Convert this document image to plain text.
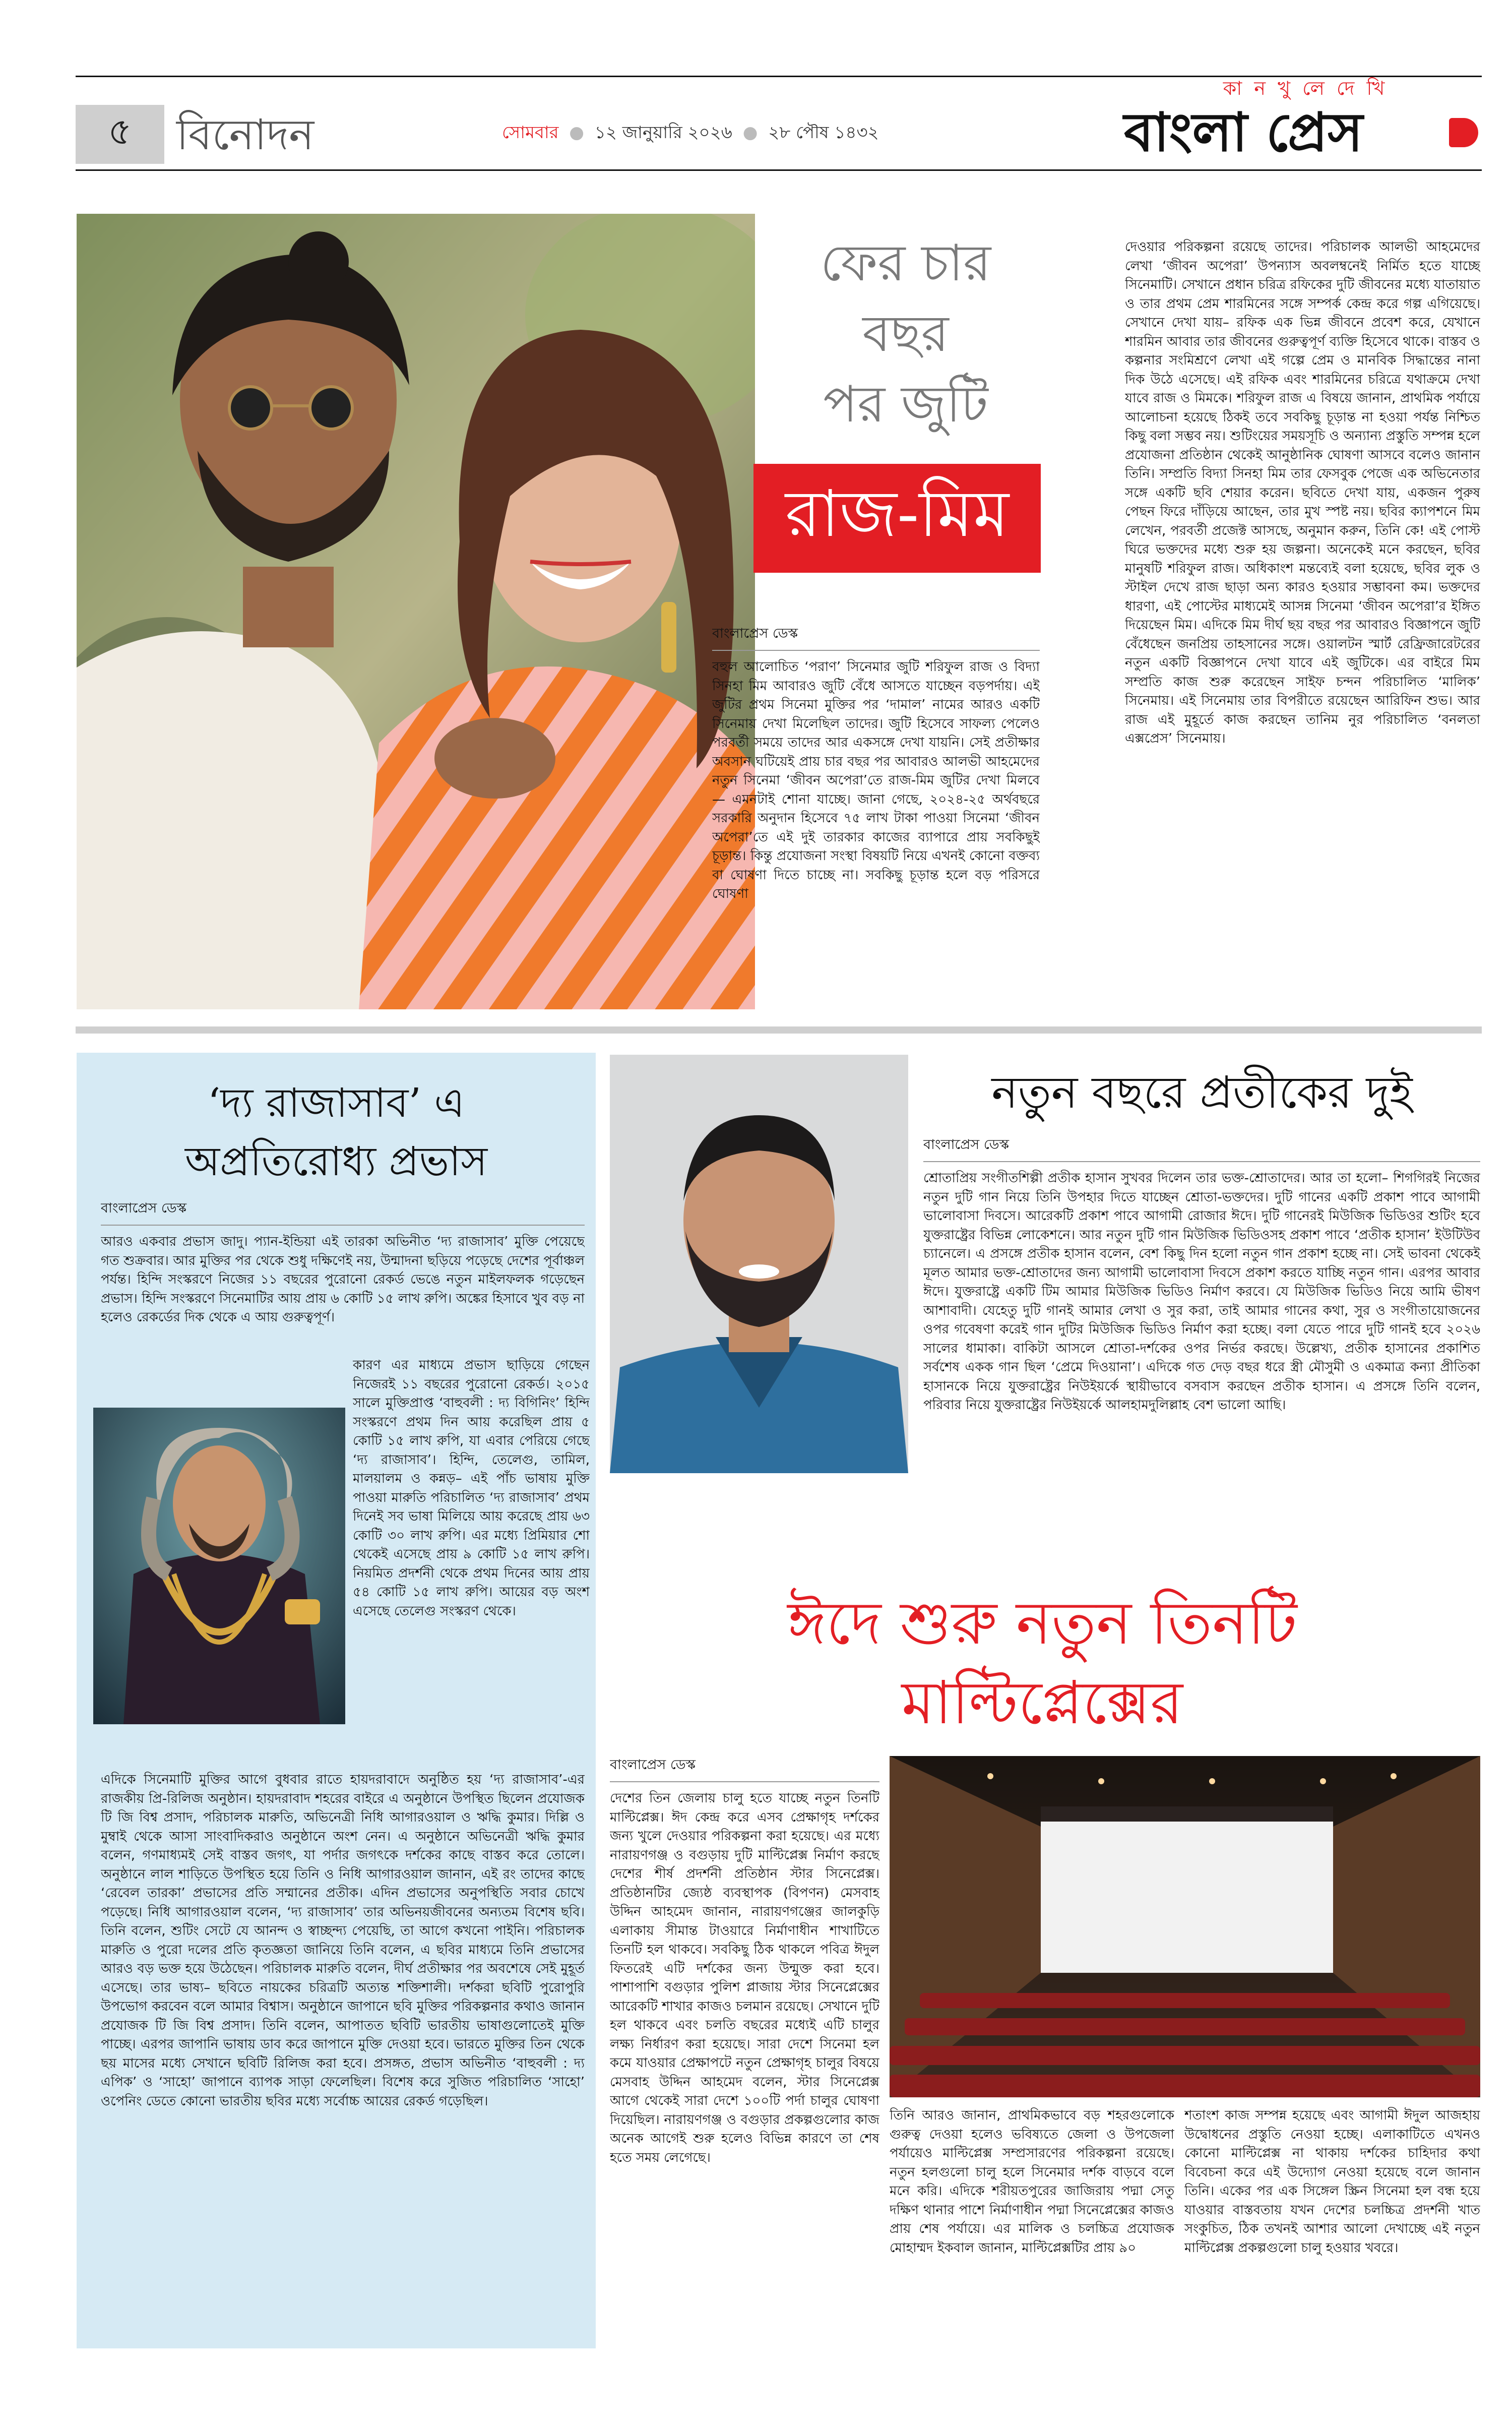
৫ বিনোদন	সোমবার ● ১২ জানুয়ারি ২০২৬ ● ২৮ পৌষ ১৪৩২
কা ন খু লে দে খি
বাংলা প্রেস
ফের চার
বছর
পর জুটি
রাজ-মিম
বাংলাপ্রেস ডেস্ক

বহুল আলোচিত ‘পরাণ’ সিনেমার জুটি শরিফুল রাজ ও বিদ্যা সিনহা মিম আবারও জুটি বেঁধে আসতে যাচ্ছেন বড়পর্দায়। এই জুটির প্রথম সিনেমা মুক্তির পর ‘দামাল’ নামের আরও একটি সিনেমায় দেখা মিলেছিল তাদের। জুটি হিসেবে সাফল্য পেলেও পরবর্তী সময়ে তাদের আর একসঙ্গে দেখা যায়নি। সেই প্রতীক্ষার অবসান ঘটিয়েই প্রায় চার বছর পর আবারও আলভী আহমেদের নতুন সিনেমা ‘জীবন অপেরা’তে রাজ-মিম জুটির দেখা মিলবে— এমনটাই শোনা যাচ্ছে। জানা গেছে, ২০২৪-২৫ অর্থবছরে সরকারি অনুদান হিসেবে ৭৫ লাখ টাকা পাওয়া সিনেমা ‘জীবন অপেরা’তে এই দুই তারকার কাজের ব্যাপারে প্রায় সবকিছুই চূড়ান্ত। কিন্তু প্রযোজনা সংস্থা বিষয়টি নিয়ে এখনই কোনো বক্তব্য বা ঘোষণা দিতে চাচ্ছে না। সবকিছু চূড়ান্ত হলে বড় পরিসরে ঘোষণা

দেওয়ার পরিকল্পনা রয়েছে তাদের। পরিচালক আলভী আহমেদের লেখা ‘জীবন অপেরা’ উপন্যাস অবলম্বনেই নির্মিত হতে যাচ্ছে সিনেমাটি। সেখানে প্রধান চরিত্র রফিকের দুটি জীবনের মধ্যে যাতায়াত ও তার প্রথম প্রেম শারমিনের সঙ্গে সম্পর্ক কেন্দ্র করে গল্প এগিয়েছে। সেখানে দেখা যায়– রফিক এক ভিন্ন জীবনে প্রবেশ করে, যেখানে শারমিন আবার তার জীবনের গুরুত্বপূর্ণ ব্যক্তি হিসেবে থাকে। বাস্তব ও কল্পনার সংমিশ্রণে লেখা এই গল্পে প্রেম ও মানবিক সিদ্ধান্তের নানা দিক উঠে এসেছে। এই রফিক এবং শারমিনের চরিত্রে যথাক্রমে দেখা যাবে রাজ ও মিমকে। শরিফুল রাজ এ বিষয়ে জানান, প্রাথমিক পর্যায়ে আলোচনা হয়েছে ঠিকই তবে সবকিছু চূড়ান্ত না হওয়া পর্যন্ত নিশ্চিত কিছু বলা সম্ভব নয়। শুটিংয়ের সময়সূচি ও অন্যান্য প্রস্তুতি সম্পন্ন হলে প্রযোজনা প্রতিষ্ঠান থেকেই আনুষ্ঠানিক ঘোষণা আসবে বলেও জানান তিনি। সম্প্রতি বিদ্যা সিনহা মিম তার ফেসবুক পেজে এক অভিনেতার সঙ্গে একটি ছবি শেয়ার করেন। ছবিতে দেখা যায়, একজন পুরুষ পেছন ফিরে দাঁড়িয়ে আছেন, তার মুখ স্পষ্ট নয়। ছবির ক্যাপশনে মিম লেখেন, পরবর্তী প্রজেক্ট আসছে, অনুমান করুন, তিনি কে! এই পোস্ট ঘিরে ভক্তদের মধ্যে শুরু হয় জল্পনা। অনেকেই মনে করছেন, ছবির মানুষটি শরিফুল রাজ। অধিকাংশ মন্তব্যেই বলা হয়েছে, ছবির লুক ও স্টাইল দেখে রাজ ছাড়া অন্য কারও হওয়ার সম্ভাবনা কম। ভক্তদের ধারণা, এই পোস্টের মাধ্যমেই আসন্ন সিনেমা ‘জীবন অপেরা’র ইঙ্গিত দিয়েছেন মিম। এদিকে মিম দীর্ঘ ছয় বছর পর আবারও বিজ্ঞাপনে জুটি বেঁধেছেন জনপ্রিয় তাহসানের সঙ্গে। ওয়ালটন স্মার্ট রেফ্রিজারেটরের নতুন একটি বিজ্ঞাপনে দেখা যাবে এই জুটিকে। এর বাইরে মিম সম্প্রতি কাজ শুরু করেছেন সাইফ চন্দন পরিচালিত ‘মালিক’ সিনেমায়। এই সিনেমায় তার বিপরীতে রয়েছেন আরিফিন শুভ। আর রাজ এই মুহূর্তে কাজ করছেন তানিম নুর পরিচালিত ‘বনলতা এক্সপ্রেস’ সিনেমায়।

‘দ্য রাজাসাব’ এ
অপ্রতিরোধ্য প্রভাস
বাংলাপ্রেস ডেস্ক

আরও একবার প্রভাস জাদু। প্যান-ইন্ডিয়া এই তারকা অভিনীত ‘দ্য রাজাসাব’ মুক্তি পেয়েছে গত শুক্রবার। আর মুক্তির পর থেকে শুধু দক্ষিণেই নয়, উন্মাদনা ছড়িয়ে পড়েছে দেশের পূর্বাঞ্চল পর্যন্ত। হিন্দি সংস্করণে নিজের ১১ বছরের পুরোনো রেকর্ড ভেঙে নতুন মাইলফলক গড়েছেন প্রভাস। হিন্দি সংস্করণে সিনেমাটির আয় প্রায় ৬ কোটি ১৫ লাখ রুপি। অঙ্কের হিসাবে খুব বড় না হলেও রেকর্ডের দিক থেকে এ আয় গুরুত্বপূর্ণ।

কারণ এর মাধ্যমে প্রভাস ছাড়িয়ে গেছেন নিজেরই ১১ বছরের পুরোনো রেকর্ড। ২০১৫ সালে মুক্তিপ্রাপ্ত ‘বাহুবলী : দ্য বিগিনিং’ হিন্দি সংস্করণে প্রথম দিন আয় করেছিল প্রায় ৫ কোটি ১৫ লাখ রুপি, যা এবার পেরিয়ে গেছে ‘দ্য রাজাসাব’। হিন্দি, তেলেগু, তামিল, মালয়ালম ও কন্নড়– এই পাঁচ ভাষায় মুক্তি পাওয়া মারুতি পরিচালিত ‘দ্য রাজাসাব’ প্রথম দিনেই সব ভাষা মিলিয়ে আয় করেছে প্রায় ৬৩ কোটি ৩০ লাখ রুপি। এর মধ্যে প্রিমিয়ার শো থেকেই এসেছে প্রায় ৯ কোটি ১৫ লাখ রুপি। নিয়মিত প্রদর্শনী থেকে প্রথম দিনের আয় প্রায় ৫৪ কোটি ১৫ লাখ রুপি। আয়ের বড় অংশ এসেছে তেলেগু সংস্করণ থেকে।

এদিকে সিনেমাটি মুক্তির আগে বুধবার রাতে হায়দরাবাদে অনুষ্ঠিত হয় ‘দ্য রাজাসাব’-এর রাজকীয় প্রি-রিলিজ অনুষ্ঠান। হায়দরাবাদ শহরের বাইরে এ অনুষ্ঠানে উপস্থিত ছিলেন প্রযোজক টি জি বিশ্ব প্রসাদ, পরিচালক মারুতি, অভিনেত্রী নিধি আগারওয়াল ও ঋদ্ধি কুমার। দিল্লি ও মুম্বাই থেকে আসা সাংবাদিকরাও অনুষ্ঠানে অংশ নেন। এ অনুষ্ঠানে অভিনেত্রী ঋদ্ধি কুমার বলেন, গণমাধ্যমই সেই বাস্তব জগৎ, যা পর্দার জগৎকে দর্শকের কাছে বাস্তব করে তোলে। অনুষ্ঠানে লাল শাড়িতে উপস্থিত হয়ে তিনি ও নিধি আগারওয়াল জানান, এই রং তাদের কাছে ‘রেবেল তারকা’ প্রভাসের প্রতি সম্মানের প্রতীক। এদিন প্রভাসের অনুপস্থিতি সবার চোখে পড়েছে। নিধি আগারওয়াল বলেন, ‘দ্য রাজাসাব’ তার অভিনয়জীবনের অন্যতম বিশেষ ছবি। তিনি বলেন, শুটিং সেটে যে আনন্দ ও স্বাচ্ছন্দ্য পেয়েছি, তা আগে কখনো পাইনি। পরিচালক মারুতি ও পুরো দলের প্রতি কৃতজ্ঞতা জানিয়ে তিনি বলেন, এ ছবির মাধ্যমে তিনি প্রভাসের আরও বড় ভক্ত হয়ে উঠেছেন। পরিচালক মারুতি বলেন, দীর্ঘ প্রতীক্ষার পর অবশেষে সেই মুহূর্ত এসেছে। তার ভাষ্য– ছবিতে নায়কের চরিত্রটি অত্যন্ত শক্তিশালী। দর্শকরা ছবিটি পুরোপুরি উপভোগ করবেন বলে আমার বিশ্বাস। অনুষ্ঠানে জাপানে ছবি মুক্তির পরিকল্পনার কথাও জানান প্রযোজক টি জি বিশ্ব প্রসাদ। তিনি বলেন, আপাতত ছবিটি ভারতীয় ভাষাগুলোতেই মুক্তি পাচ্ছে। এরপর জাপানি ভাষায় ডাব করে জাপানে মুক্তি দেওয়া হবে। ভারতে মুক্তির তিন থেকে ছয় মাসের মধ্যে সেখানে ছবিটি রিলিজ করা হবে। প্রসঙ্গত, প্রভাস অভিনীত ‘বাহুবলী : দ্য এপিক’ ও ‘সাহো’ জাপানে ব্যাপক সাড়া ফেলেছিল। বিশেষ করে সুজিত পরিচালিত ‘সাহো’ ওপেনিং ডেতে কোনো ভারতীয় ছবির মধ্যে সর্বোচ্চ আয়ের রেকর্ড গড়েছিল।

নতুন বছরে প্রতীকের দুই
বাংলাপ্রেস ডেস্ক

শ্রোতাপ্রিয় সংগীতশিল্পী প্রতীক হাসান সুখবর দিলেন তার ভক্ত-শ্রোতাদের। আর তা হলো– শিগগিরই নিজের নতুন দুটি গান নিয়ে তিনি উপহার দিতে যাচ্ছেন শ্রোতা-ভক্তদের। দুটি গানের একটি প্রকাশ পাবে আগামী ভালোবাসা দিবসে। আরেকটি প্রকাশ পাবে আগামী রোজার ঈদে। দুটি গানেরই মিউজিক ভিডিওর শুটিং হবে যুক্তরাষ্ট্রের বিভিন্ন লোকেশনে। আর নতুন দুটি গান মিউজিক ভিডিওসহ প্রকাশ পাবে ‘প্রতীক হাসান’ ইউটিউব চ্যানেলে। এ প্রসঙ্গে প্রতীক হাসান বলেন, বেশ কিছু দিন হলো নতুন গান প্রকাশ হচ্ছে না। সেই ভাবনা থেকেই মূলত আমার ভক্ত-শ্রোতাদের জন্য আগামী ভালোবাসা দিবসে প্রকাশ করতে যাচ্ছি নতুন গান। এরপর আবার ঈদে। যুক্তরাষ্ট্রে একটি টিম আমার মিউজিক ভিডিও নির্মাণ করবে। যে মিউজিক ভিডিও নিয়ে আমি ভীষণ আশাবাদী। যেহেতু দুটি গানই আমার লেখা ও সুর করা, তাই আমার গানের কথা, সুর ও সংগীতায়োজনের ওপর গবেষণা করেই গান দুটির মিউজিক ভিডিও নির্মাণ করা হচ্ছে। বলা যেতে পারে দুটি গানই হবে ২০২৬ সালের ধামাকা। বাকিটা আসলে শ্রোতা-দর্শকের ওপর নির্ভর করছে। উল্লেখ্য, প্রতীক হাসানের প্রকাশিত সর্বশেষ একক গান ছিল ‘প্রেমে দিওয়ানা’। এদিকে গত দেড় বছর ধরে স্ত্রী মৌসুমী ও একমাত্র কন্যা প্রীতিকা হাসানকে নিয়ে যুক্তরাষ্ট্রের নিউইয়র্কে স্থায়ীভাবে বসবাস করছেন প্রতীক হাসান। এ প্রসঙ্গে তিনি বলেন, পরিবার নিয়ে যুক্তরাষ্ট্রের নিউইয়র্কে আলহামদুলিল্লাহ বেশ ভালো আছি।

ঈদে শুরু নতুন তিনটি
মাল্টিপ্লেক্সের
বাংলাপ্রেস ডেস্ক

দেশের তিন জেলায় চালু হতে যাচ্ছে নতুন তিনটি মাল্টিপ্লেক্স। ঈদ কেন্দ্র করে এসব প্রেক্ষাগৃহ দর্শকের জন্য খুলে দেওয়ার পরিকল্পনা করা হয়েছে। এর মধ্যে নারায়ণগঞ্জ ও বগুড়ায় দুটি মাল্টিপ্লেক্স নির্মাণ করছে দেশের শীর্ষ প্রদর্শনী প্রতিষ্ঠান স্টার সিনেপ্লেক্স। প্রতিষ্ঠানটির জ্যেষ্ঠ ব্যবস্থাপক (বিপণন) মেসবাহ উদ্দিন আহমেদ জানান, নারায়ণগঞ্জের জালকুড়ি এলাকায় সীমান্ত টাওয়ারে নির্মাণাধীন শাখাটিতে তিনটি হল থাকবে। সবকিছু ঠিক থাকলে পবিত্র ঈদুল ফিতরেই এটি দর্শকের জন্য উন্মুক্ত করা হবে। পাশাপাশি বগুড়ার পুলিশ প্লাজায় স্টার সিনেপ্লেক্সের আরেকটি শাখার কাজও চলমান রয়েছে। সেখানে দুটি হল থাকবে এবং চলতি বছরের মধ্যেই এটি চালুর লক্ষ্য নির্ধারণ করা হয়েছে। সারা দেশে সিনেমা হল কমে যাওয়ার প্রেক্ষাপটে নতুন প্রেক্ষাগৃহ চালুর বিষয়ে মেসবাহ উদ্দিন আহমেদ বলেন, স্টার সিনেপ্লেক্স আগে থেকেই সারা দেশে ১০০টি পর্দা চালুর ঘোষণা দিয়েছিল। নারায়ণগঞ্জ ও বগুড়ার প্রকল্পগুলোর কাজ অনেক আগেই শুরু হলেও বিভিন্ন কারণে তা শেষ হতে সময় লেগেছে।

তিনি আরও জানান, প্রাথমিকভাবে বড় শহরগুলোকে গুরুত্ব দেওয়া হলেও ভবিষ্যতে জেলা ও উপজেলা পর্যায়েও মাল্টিপ্লেক্স সম্প্রসারণের পরিকল্পনা রয়েছে। নতুন হলগুলো চালু হলে সিনেমার দর্শক বাড়বে বলে মনে করি। এদিকে শরীয়তপুরের জাজিরায় পদ্মা সেতু দক্ষিণ থানার পাশে নির্মাণাধীন পদ্মা সিনেপ্লেক্সের কাজও প্রায় শেষ পর্যায়ে। এর মালিক ও চলচ্চিত্র প্রযোজক মোহাম্মদ ইকবাল জানান, মাল্টিপ্লেক্সটির প্রায় ৯০

শতাংশ কাজ সম্পন্ন হয়েছে এবং আগামী ঈদুল আজহায় উদ্বোধনের প্রস্তুতি নেওয়া হচ্ছে। এলাকাটিতে এখনও কোনো মাল্টিপ্লেক্স না থাকায় দর্শকের চাহিদার কথা বিবেচনা করে এই উদ্যোগ নেওয়া হয়েছে বলে জানান তিনি। একের পর এক সিঙ্গেল স্ক্রিন সিনেমা হল বন্ধ হয়ে যাওয়ার বাস্তবতায় যখন দেশের চলচ্চিত্র প্রদর্শনী খাত সংকুচিত, ঠিক তখনই আশার আলো দেখাচ্ছে এই নতুন মাল্টিপ্লেক্স প্রকল্পগুলো চালু হওয়ার খবরে।
